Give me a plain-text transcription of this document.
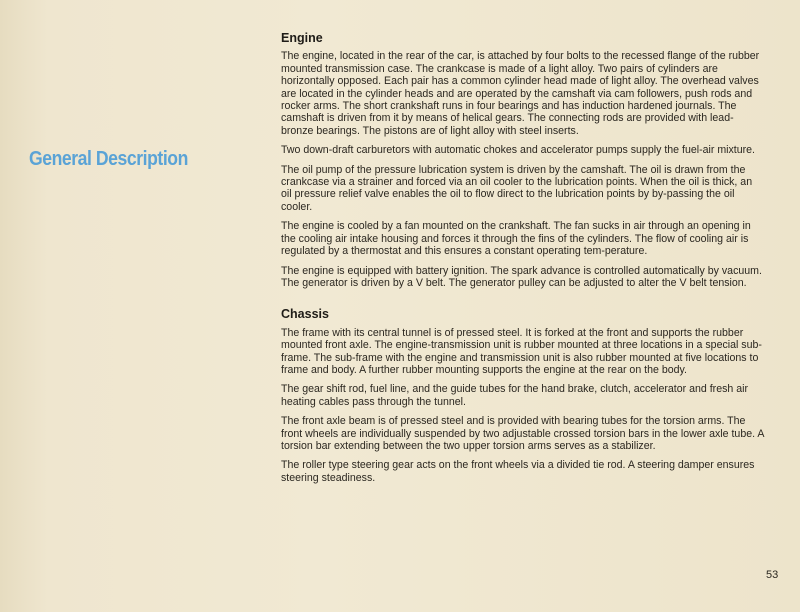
General Description
Engine

The engine, located in the rear of the car, is attached by four bolts to the recessed flange of the rubber mounted transmission case. The crankcase is made of a light alloy. Two pairs of cylinders are horizontally opposed. Each pair has a common cylinder head made of light alloy. The overhead valves are located in the cylinder heads and are operated by the camshaft via cam followers, push rods and rocker arms. The short crankshaft runs in four bearings and has induction hardened journals. The camshaft is driven from it by means of helical gears. The connecting rods are provided with lead-bronze bearings. The pistons are of light alloy with steel inserts.

Two down-draft carburetors with automatic chokes and accelerator pumps supply the fuel-air mixture.

The oil pump of the pressure lubrication system is driven by the camshaft. The oil is drawn from the crankcase via a strainer and forced via an oil cooler to the lubrication points. When the oil is thick, an oil pressure relief valve enables the oil to flow direct to the lubrication points by by-passing the oil cooler.

The engine is cooled by a fan mounted on the crankshaft. The fan sucks in air through an opening in the cooling air intake housing and forces it through the fins of the cylinders. The flow of cooling air is regulated by a thermostat and this ensures a constant operating tem-perature.

The engine is equipped with battery ignition. The spark advance is controlled automatically by vacuum. The generator is driven by a V belt. The generator pulley can be adjusted to alter the V belt tension.

Chassis

The frame with its central tunnel is of pressed steel. It is forked at the front and supports the rubber mounted front axle. The engine-transmission unit is rubber mounted at three locations in a special sub-frame. The sub-frame with the engine and transmission unit is also rubber mounted at five locations to frame and body. A further rubber mounting supports the engine at the rear on the body.

The gear shift rod, fuel line, and the guide tubes for the hand brake, clutch, accelerator and fresh air heating cables pass through the tunnel.

The front axle beam is of pressed steel and is provided with bearing tubes for the torsion arms. The front wheels are individually suspended by two adjustable crossed torsion bars in the lower axle tube. A torsion bar extending between the two upper torsion arms serves as a stabilizer.

The roller type steering gear acts on the front wheels via a divided tie rod. A steering damper ensures steering steadiness.

53
